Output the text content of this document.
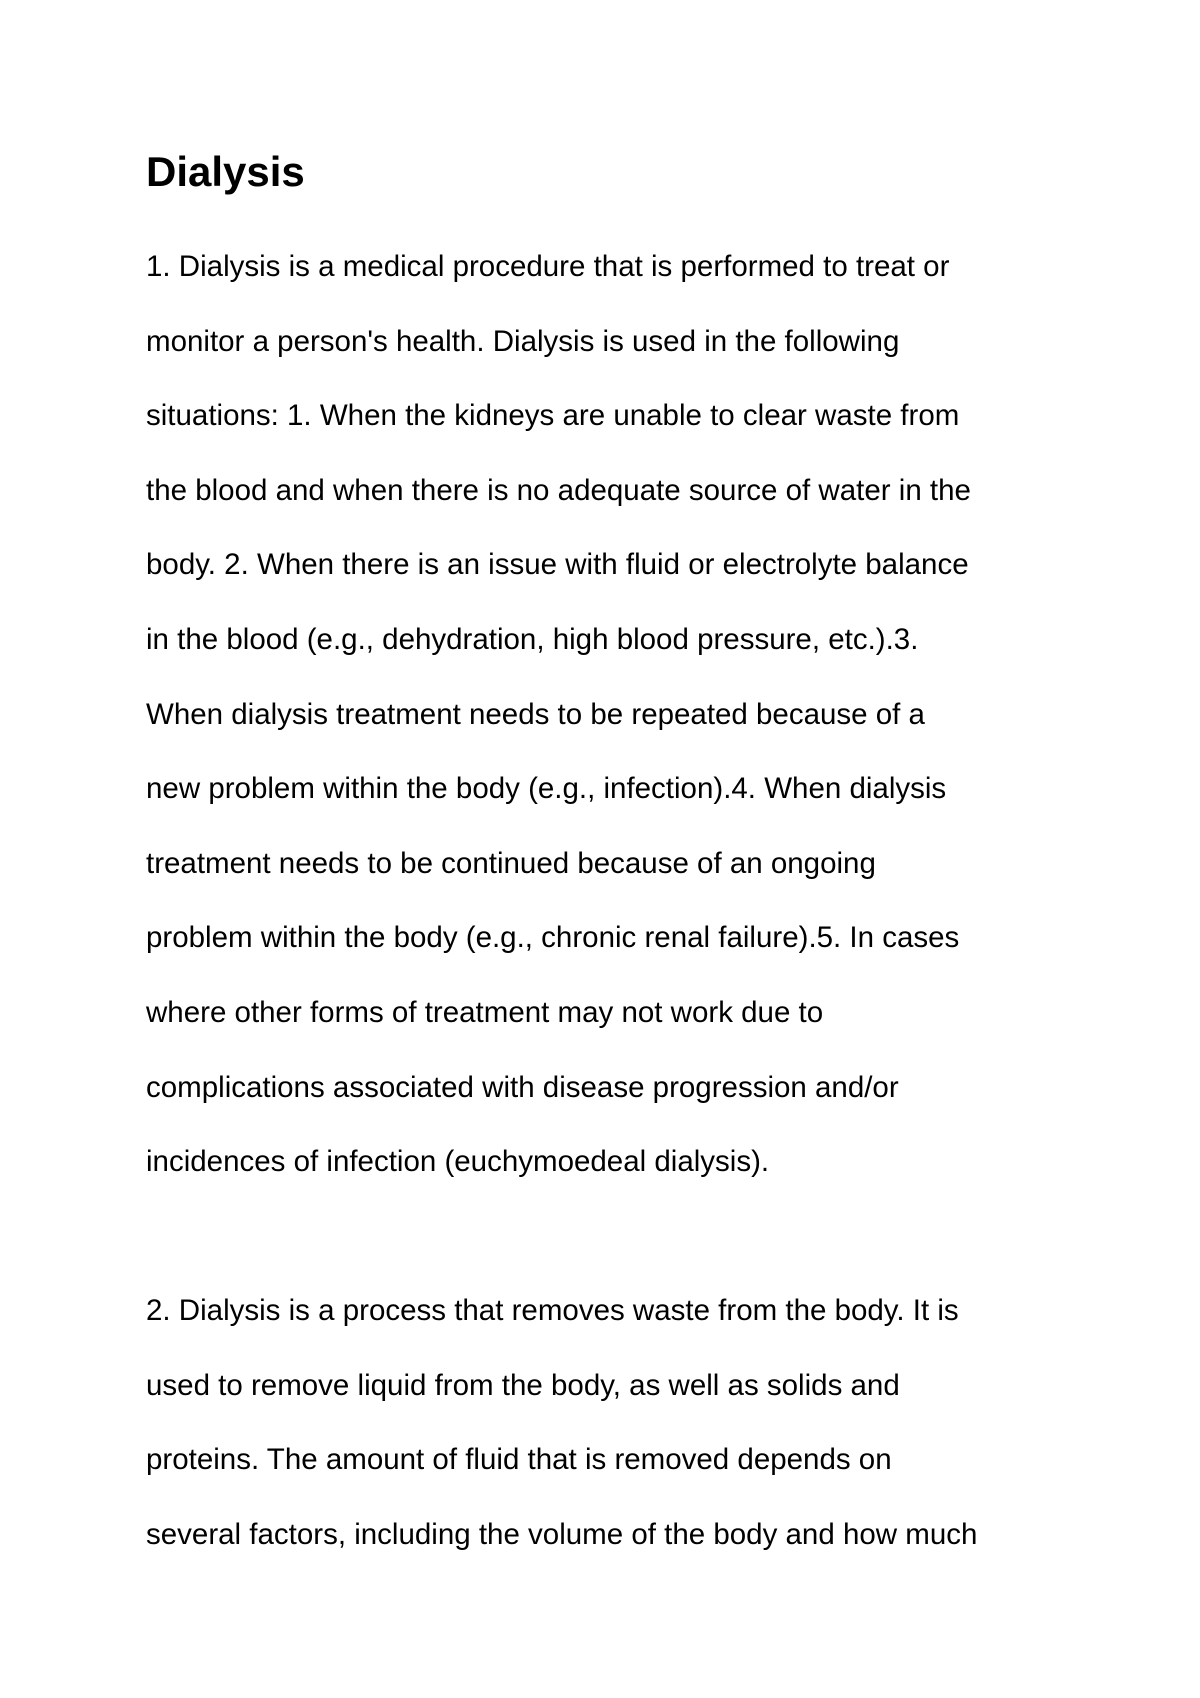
Dialysis
1. Dialysis is a medical procedure that is performed to treat or
monitor a person's health. Dialysis is used in the following
situations: 1. When the kidneys are unable to clear waste from
the blood and when there is no adequate source of water in the
body. 2. When there is an issue with fluid or electrolyte balance
in the blood (e.g., dehydration, high blood pressure, etc.).3.
When dialysis treatment needs to be repeated because of a
new problem within the body (e.g., infection).4. When dialysis
treatment needs to be continued because of an ongoing
problem within the body (e.g., chronic renal failure).5. In cases
where other forms of treatment may not work due to
complications associated with disease progression and/or
incidences of infection (euchymoedeal dialysis).
2. Dialysis is a process that removes waste from the body. It is
used to remove liquid from the body, as well as solids and
proteins. The amount of fluid that is removed depends on
several factors, including the volume of the body and how much
